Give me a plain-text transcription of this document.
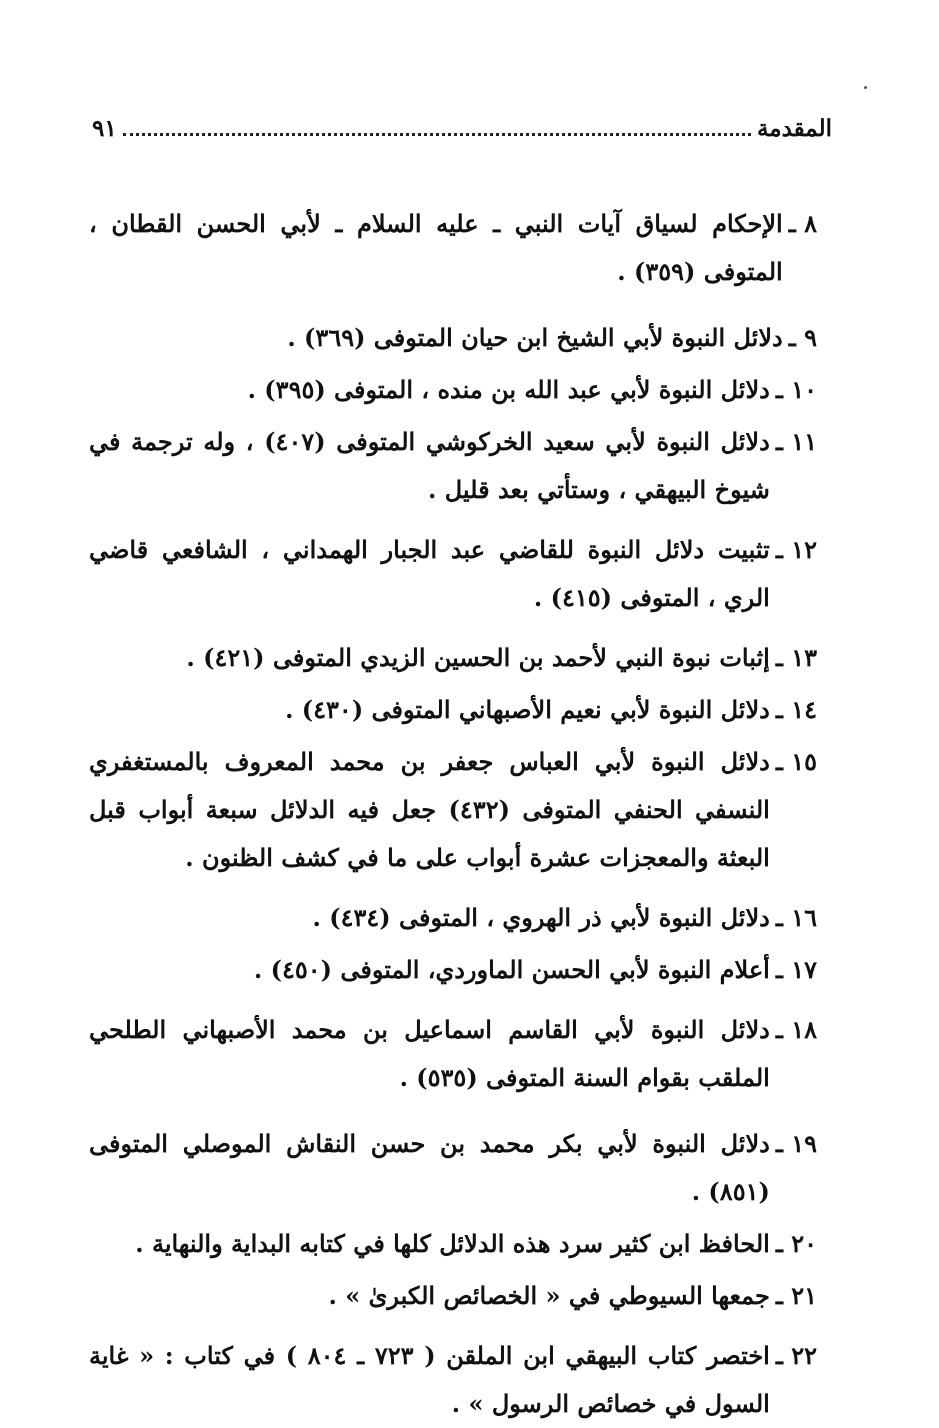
المقدمة
٩١
٨ ـ
الإحكام لسياق آيات النبي ـ عليه السلام ـ لأبي الحسن القطان ، المتوفى (٣٥٩) .
٩ ـ
دلائل النبوة لأبي الشيخ ابن حيان المتوفى (٣٦٩) .
١٠ ـ
دلائل النبوة لأبي عبد الله بن منده ، المتوفى (٣٩٥) .
١١ ـ
دلائل النبوة لأبي سعيد الخركوشي المتوفى (٤٠٧) ، وله ترجمة في شيوخ البيهقي ، وستأتي بعد قليل .
١٢ ـ
تثبيت دلائل النبوة للقاضي عبد الجبار الهمداني ، الشافعي قاضي الري ، المتوفى (٤١٥) .
١٣ ـ
إثبات نبوة النبي لأحمد بن الحسين الزيدي المتوفى (٤٢١) .
١٤ ـ
دلائل النبوة لأبي نعيم الأصبهاني المتوفى (٤٣٠) .
١٥ ـ
دلائل النبوة لأبي العباس جعفر بن محمد المعروف بالمستغفري النسفي الحنفي المتوفى (٤٣٢) جعل فيه الدلائل سبعة أبواب قبل البعثة والمعجزات عشرة أبواب على ما في كشف الظنون .
١٦ ـ
دلائل النبوة لأبي ذر الهروي ، المتوفى (٤٣٤) .
١٧ ـ
أعلام النبوة لأبي الحسن الماوردي، المتوفى (٤٥٠) .
١٨ ـ
دلائل النبوة لأبي القاسم اسماعيل بن محمد الأصبهاني الطلحي الملقب بقوام السنة المتوفى (٥٣٥) .
١٩ ـ
دلائل النبوة لأبي بكر محمد بن حسن النقاش الموصلي المتوفى (٨٥١) .
٢٠ ـ
الحافظ ابن كثير سرد هذه الدلائل كلها في كتابه البداية والنهاية .
٢١ ـ
جمعها السيوطي في « الخصائص الكبرىٰ » .
٢٢ ـ
اختصر كتاب البيهقي ابن الملقن ( ٧٢٣ ـ ٨٠٤ ) في كتاب : « غاية السول في خصائص الرسول » .
